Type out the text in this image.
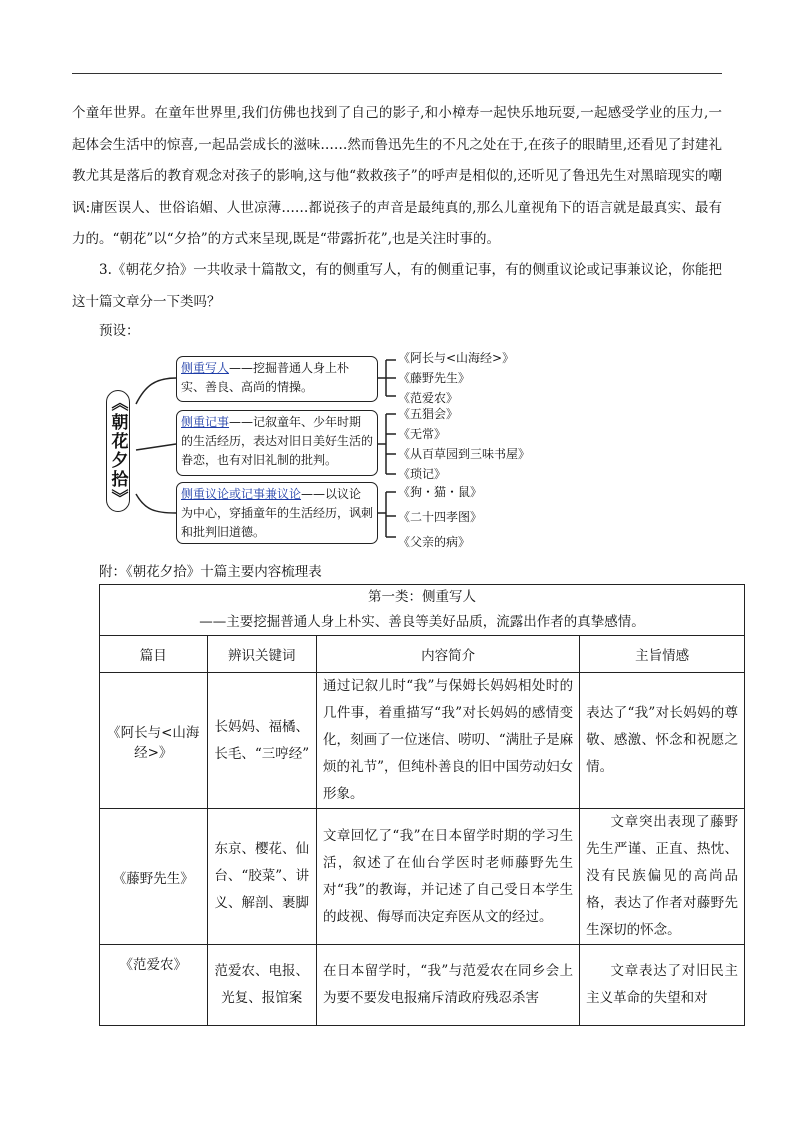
个童年世界。在童年世界里,我们仿佛也找到了自己的影子,和小樟寿一起快乐地玩耍,一起感受学业的压力,一起体会生活中的惊喜,一起品尝成长的滋味……然而鲁迅先生的不凡之处在于,在孩子的眼睛里,还看见了封建礼教尤其是落后的教育观念对孩子的影响,这与他“救救孩子”的呼声是相似的,还听见了鲁迅先生对黑暗现实的嘲讽:庸医误人、世俗谄媚、人世凉薄……都说孩子的声音是最纯真的,那么儿童视角下的语言就是最真实、最有力的。“朝花”以“夕拾”的方式来呈现,既是“带露折花”,也是关注时事的。

3.《朝花夕拾》一共收录十篇散文，有的侧重写人，有的侧重记事，有的侧重议论或记事兼议论，你能把这十篇文章分一下类吗？

预设：
《朝花夕拾》
侧重写人——挖掘普通人身上朴实、善良、高尚的情操。
侧重记事——记叙童年、少年时期的生活经历，表达对旧日美好生活的眷恋，也有对旧礼制的批判。
侧重议论或记事兼议论——以议论为中心，穿插童年的生活经历，讽刺和批判旧道德。
《阿长与<山海经>》
《藤野先生》
《范爱农》
《五猖会》
《无常》
《从百草园到三味书屋》
《琐记》
《狗・猫・鼠》
《二十四孝图》
《父亲的病》
附：《朝花夕拾》十篇主要内容梳理表
第一类：侧重写人
——主要挖掘普通人身上朴实、善良等美好品质，流露出作者的真挚感情。			

篇目	辨识关键词	内容简介	主旨情感
《阿长与<山海经>》	长妈妈、福橘、长毛、“三哼经”	通过记叙儿时“我”与保姆长妈妈相处时的几件事，着重描写“我”对长妈妈的感情变化，刻画了一位迷信、唠叨、“满肚子是麻烦的礼节”，但纯朴善良的旧中国劳动妇女形象。	表达了“我”对长妈妈的尊敬、感激、怀念和祝愿之情。
《藤野先生》	东京、樱花、仙台、“胶菜”、讲义、解剖、裹脚	文章回忆了“我”在日本留学时期的学习生活，叙述了在仙台学医时老师藤野先生对“我”的教诲，并记述了自己受日本学生的歧视、侮辱而决定弃医从文的经过。	文章突出表现了藤野先生严谨、正直、热忱、没有民族偏见的高尚品格，表达了作者对藤野先生深切的怀念。
《范爱农》	范爱农、电报、光复、报馆案	在日本留学时，“我”与范爱农在同乡会上为要不要发电报痛斥清政府残忍杀害	文章表达了对旧民主主义革命的失望和对
